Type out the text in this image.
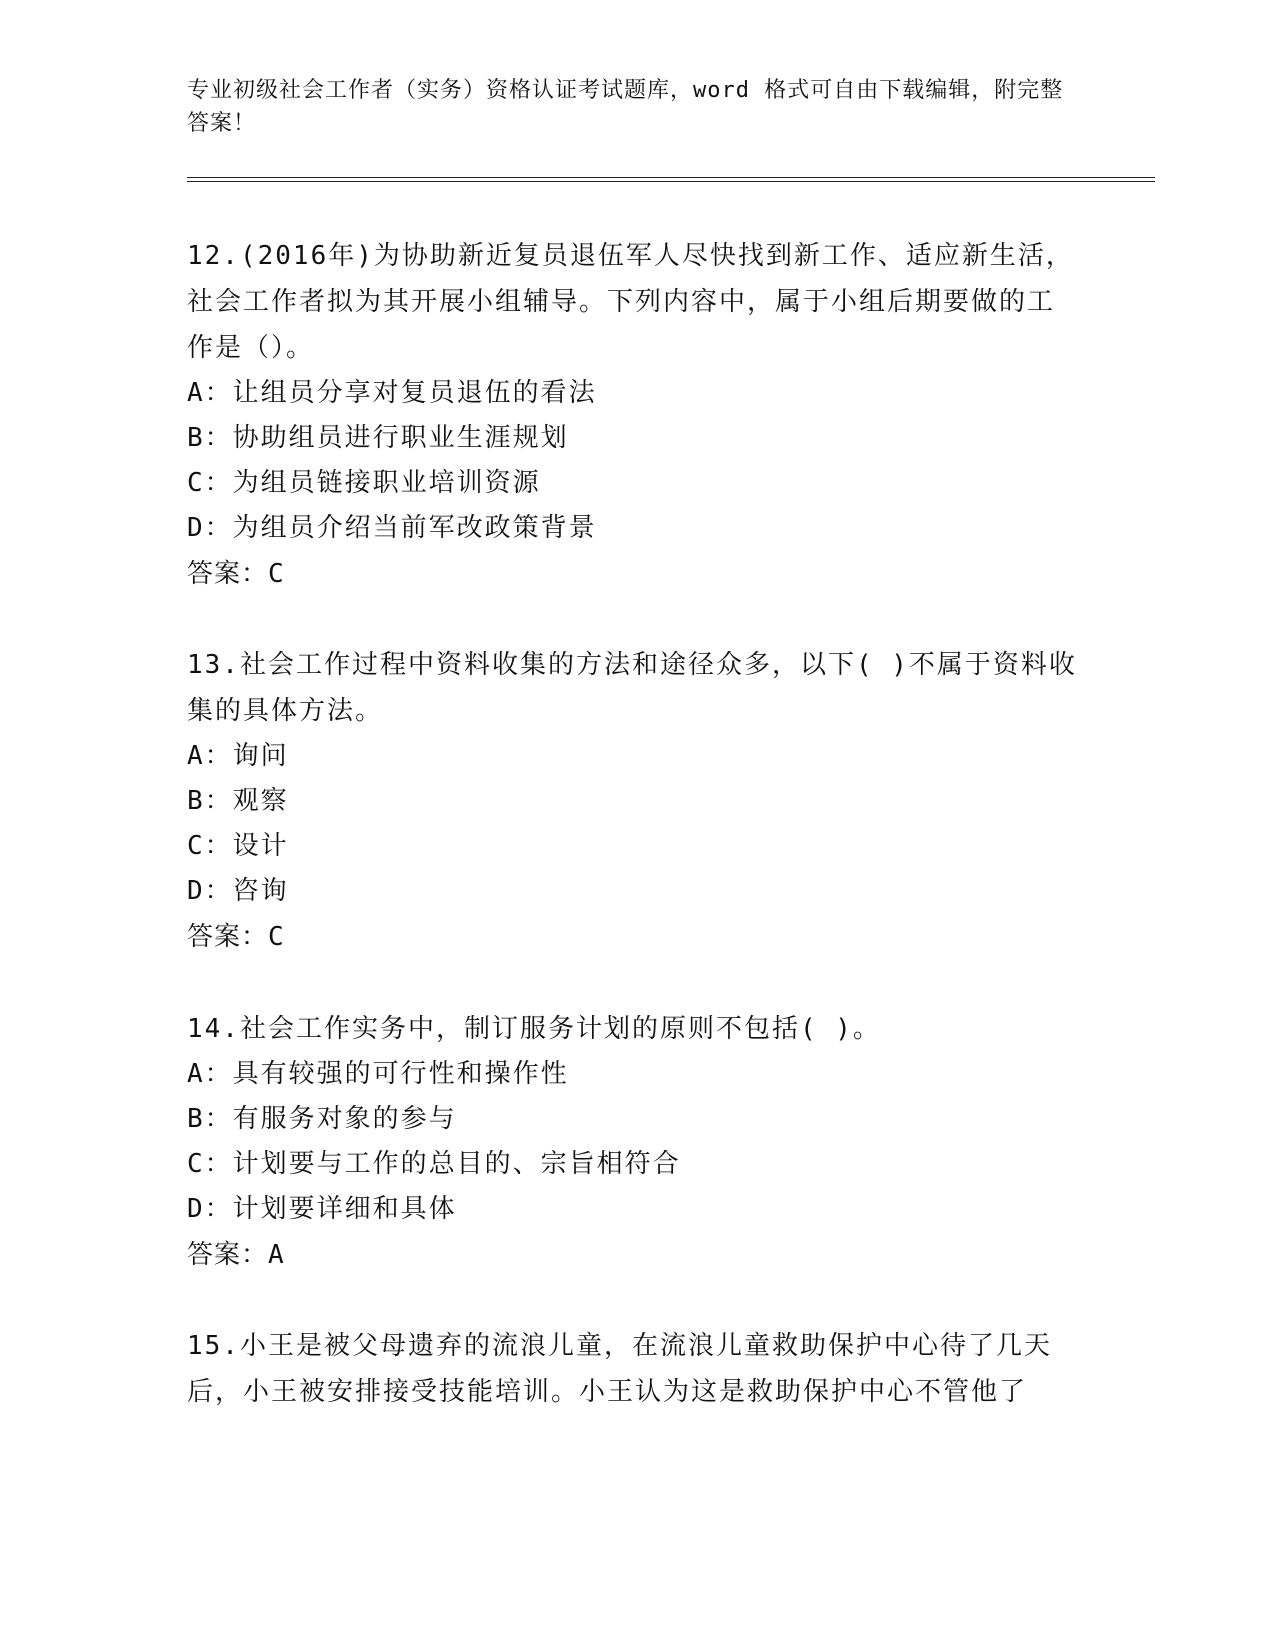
专业初级社会工作者（实务）资格认证考试题库，word 格式可自由下载编辑，附完整答案！

12.(2016年)为协助新近复员退伍军人尽快找到新工作、适应新生活，社会工作者拟为其开展小组辅导。下列内容中，属于小组后期要做的工作是（）。

A：让组员分享对复员退伍的看法

B：协助组员进行职业生涯规划

C：为组员链接职业培训资源

D：为组员介绍当前军改政策背景

答案：C

13.社会工作过程中资料收集的方法和途径众多，以下( )不属于资料收集的具体方法。

A：询问

B：观察

C：设计

D：咨询

答案：C

14.社会工作实务中，制订服务计划的原则不包括( )。

A：具有较强的可行性和操作性

B：有服务对象的参与

C：计划要与工作的总目的、宗旨相符合

D：计划要详细和具体

答案：A

15.小王是被父母遗弃的流浪儿童，在流浪儿童救助保护中心待了几天后，小王被安排接受技能培训。小王认为这是救助保护中心不管他了
